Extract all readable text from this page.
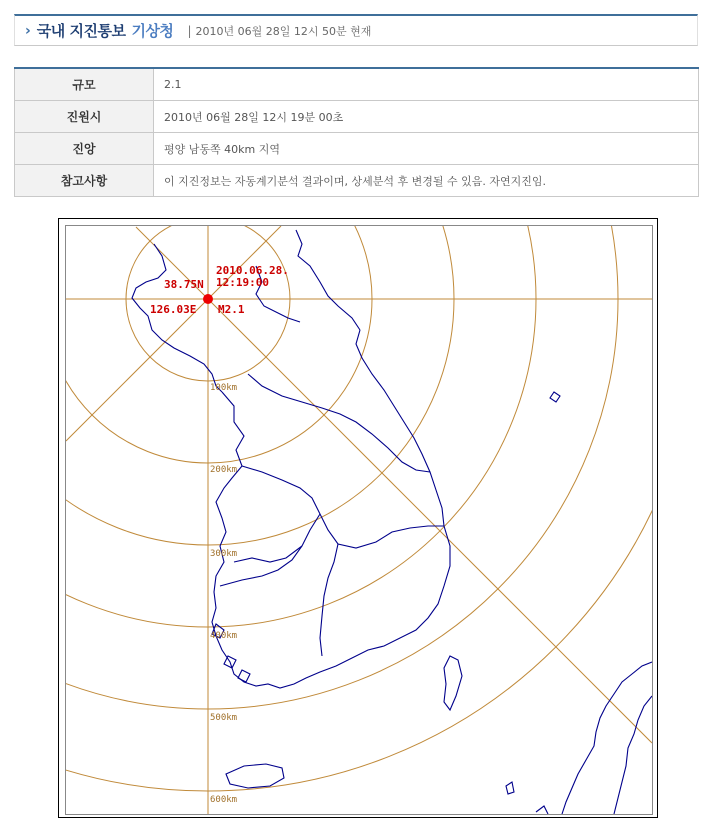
› 국내 지진통보 기상청 | 2010년 06월 28일 12시 50분 현재
규모	2.1
진원시	2010년 06월 28일 12시 19분 00초
진앙	평양 남동쪽 40km 지역
참고사항	이 지진정보는 자동계기분석 결과이며, 상세분석 후 변경될 수 있음. 자연지진임.
38.75N
2010.06.28.
12:19:00
126.03E M2.1
100km
200km
300km
400km
500km
600km
